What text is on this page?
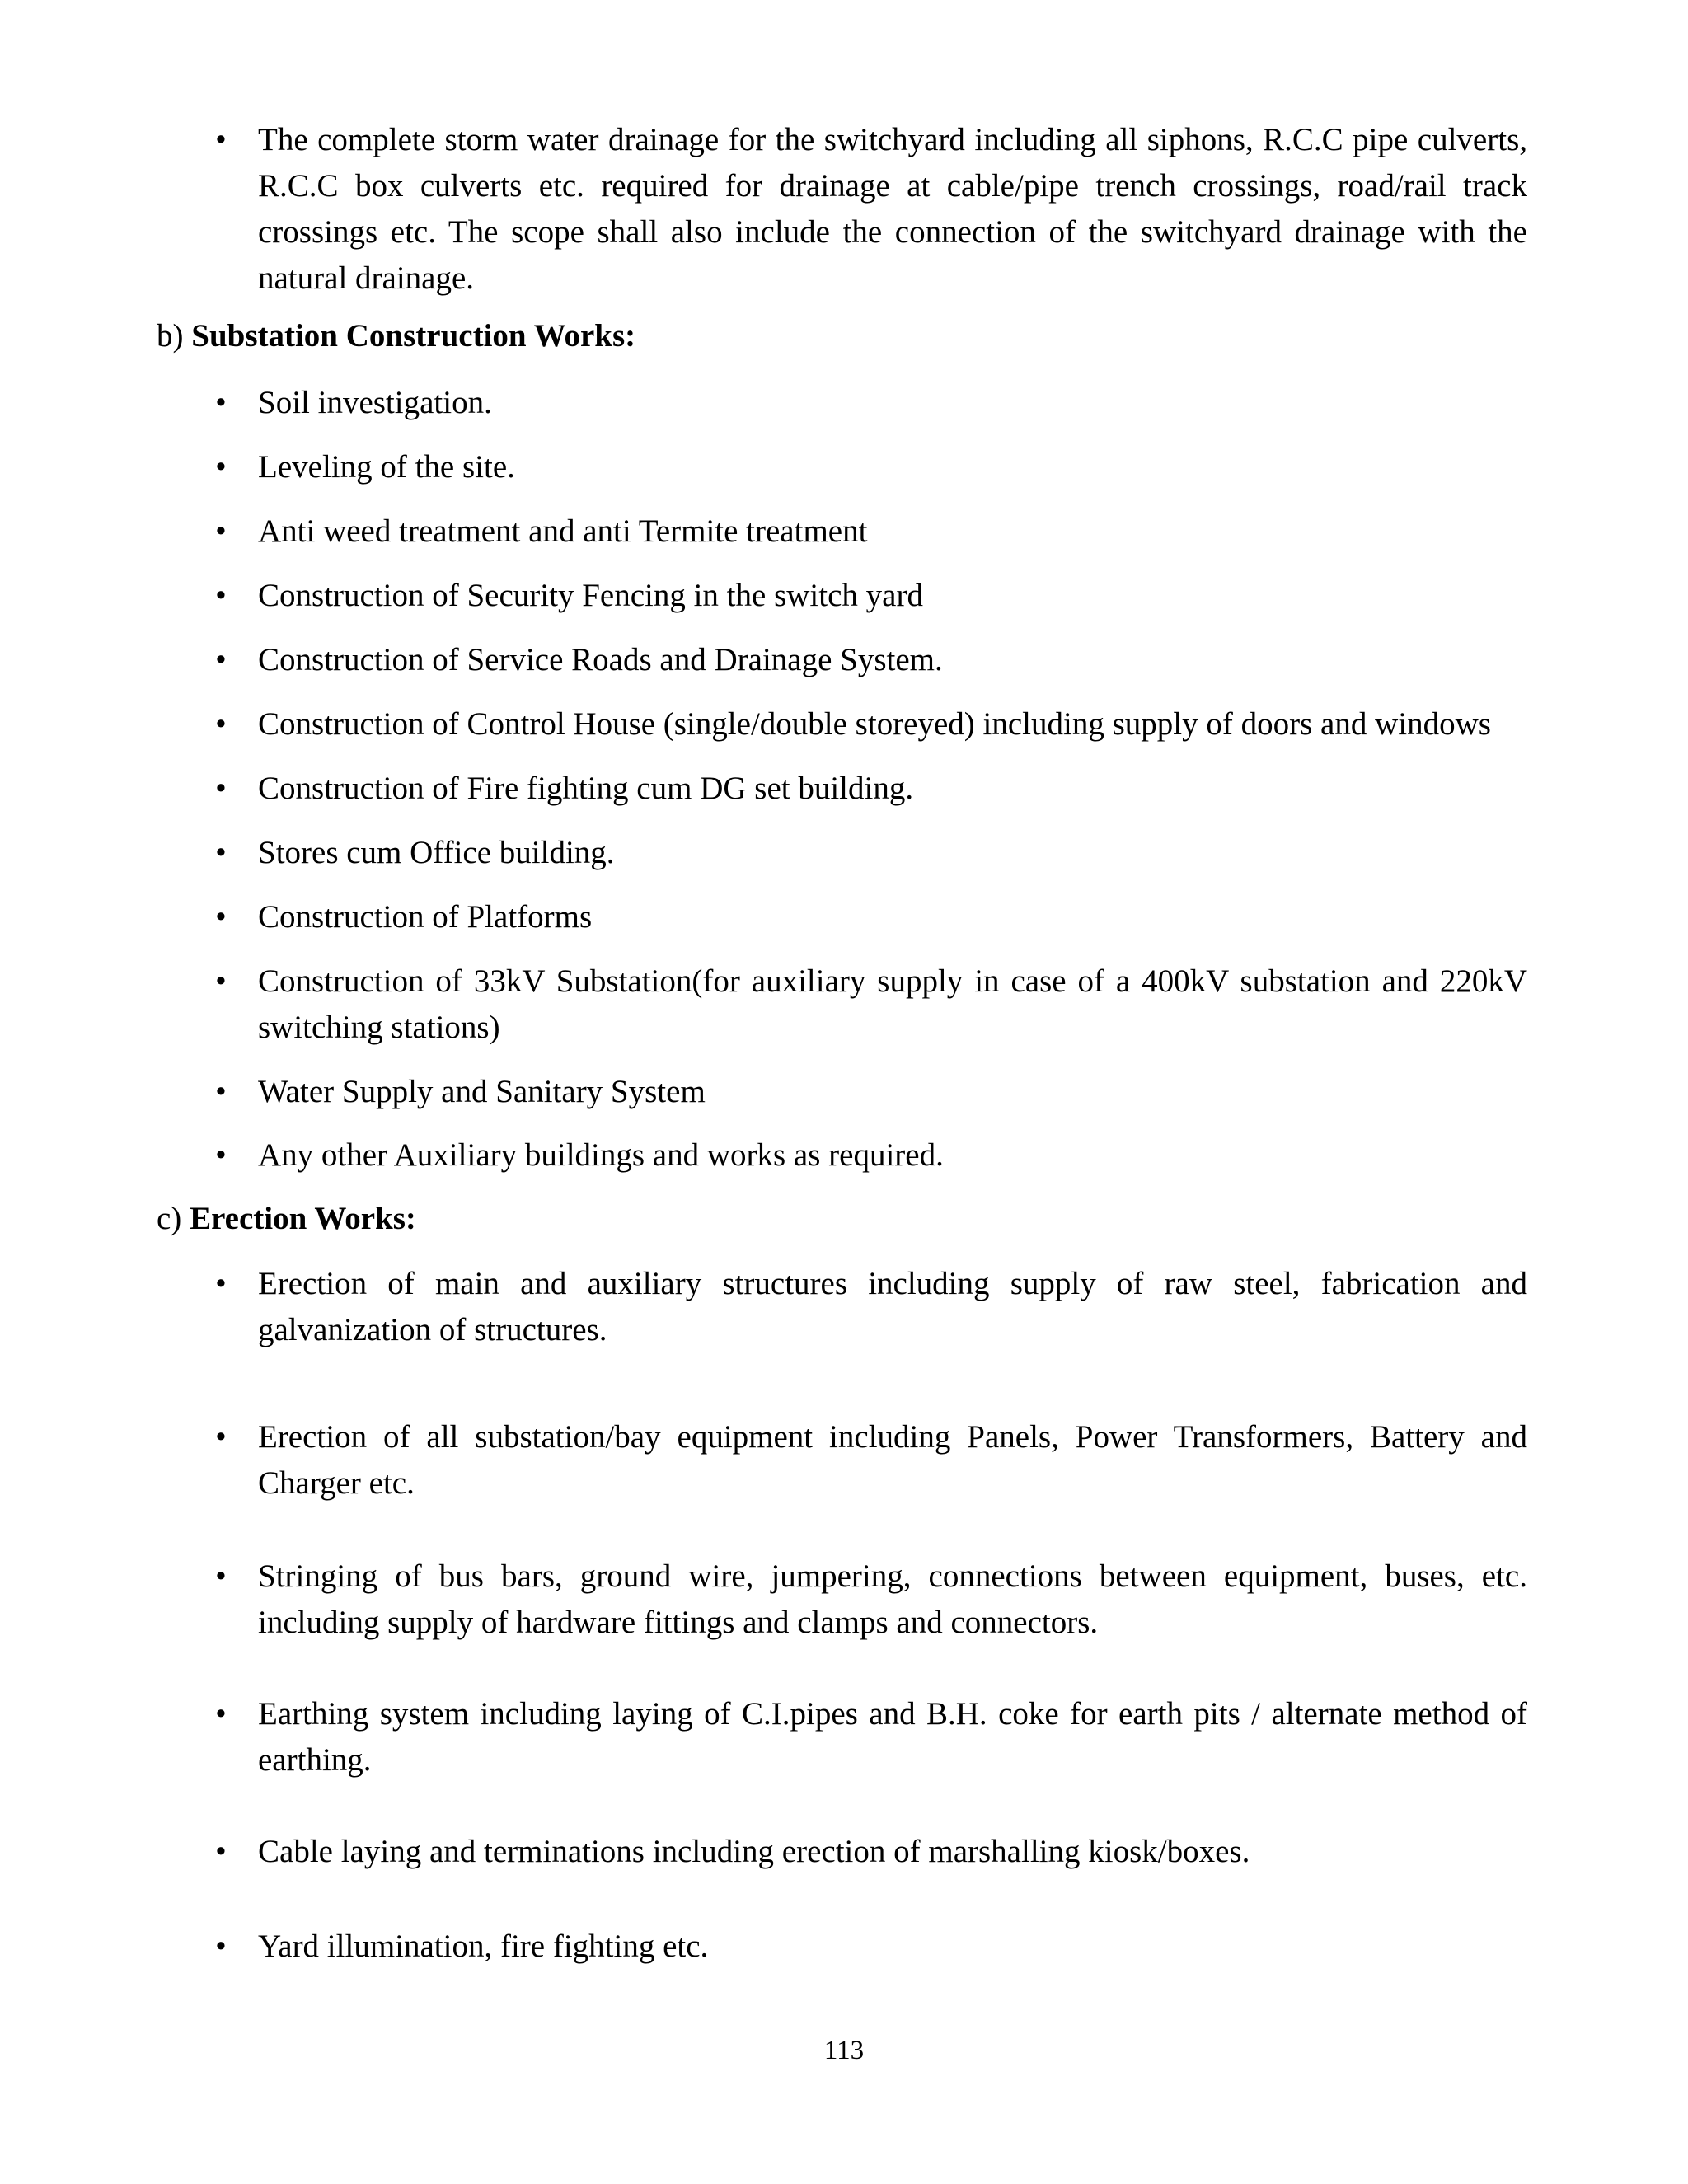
• The complete storm water drainage for the switchyard including all siphons, R.C.C pipe culverts, R.C.C box culverts etc. required for drainage at cable/pipe trench crossings, road/rail track crossings etc. The scope shall also include the connection of the switchyard drainage with the natural drainage.
b) Substation Construction Works:
• Soil investigation.
• Leveling of the site.
• Anti weed treatment and anti Termite treatment
• Construction of Security Fencing in the switch yard
• Construction of Service Roads and Drainage System.
• Construction of Control House (single/double storeyed) including supply of doors and windows
• Construction of Fire fighting cum DG set building.
• Stores cum Office building.
• Construction of Platforms
• Construction of 33kV Substation(for auxiliary supply in case of a 400kV substation and 220kV switching stations)
• Water Supply and Sanitary System
• Any other Auxiliary buildings and works as required.
c) Erection Works:
• Erection of main and auxiliary structures including supply of raw steel, fabrication and galvanization of structures.
• Erection of all substation/bay equipment including Panels, Power Transformers, Battery and Charger etc.
• Stringing of bus bars, ground wire, jumpering, connections between equipment, buses, etc. including supply of hardware fittings and clamps and connectors.
• Earthing system including laying of C.I.pipes and B.H. coke for earth pits / alternate method of earthing.
• Cable laying and terminations including erection of marshalling kiosk/boxes.
• Yard illumination, fire fighting etc.
113
